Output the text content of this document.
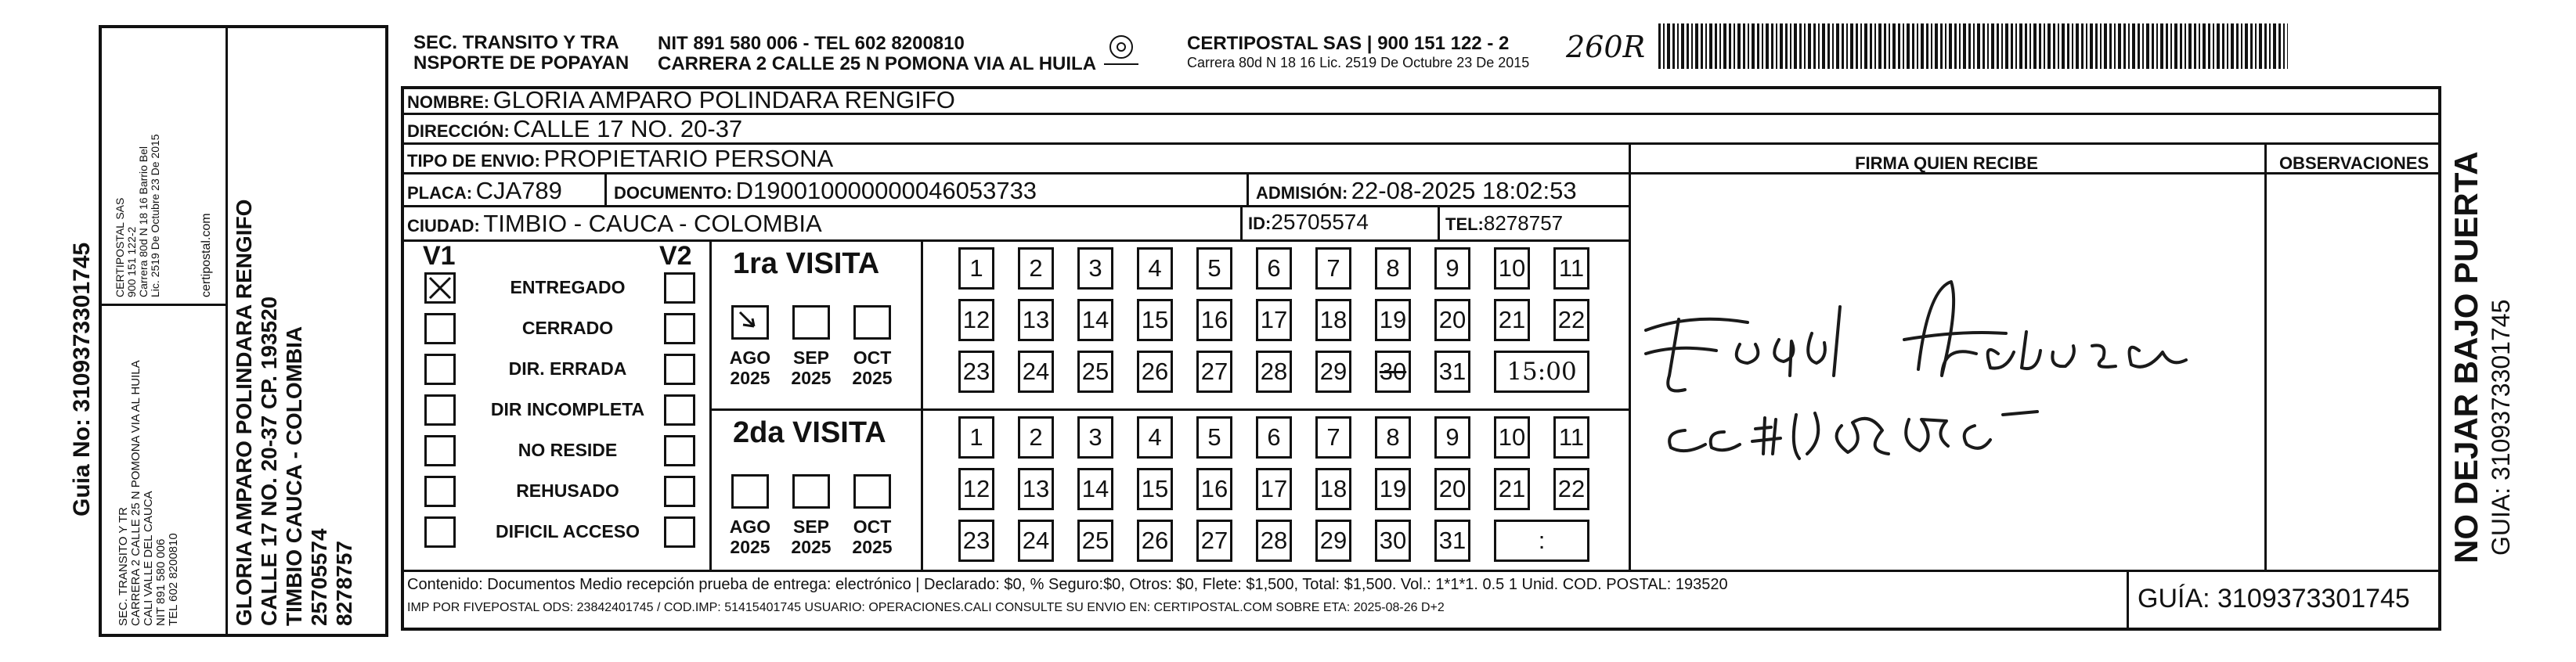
Guia No: 3109373301745
SEC. TRANSITO Y TR CARRERA 2 CALLE 25 N POMONA VIA AL HUILA CALI VALLE DEL CAUCA NIT 891 580 006 TEL 602 8200810
CERTIPOSTAL SAS 900 151 122-2 Carrera 80d N 18 16 Barrio Bel Lic. 2519 De Octubre 23 De 2015	certipostal.com GLORIA AMPARO POLINDARA RENGIFO CALLE 17 NO. 20-37 CP. 193520 TIMBIO CAUCA - COLOMBIA 25705574 8278757
SEC. TRANSITO Y TRA NSPORTE DE POPAYAN
NIT 891 580 006 - TEL 602 8200810
CARRERA 2 CALLE 25 N POMONA VIA AL HUILA
CERTIPOSTAL SAS | 900 151 122 - 2
Carrera 80d N 18 16 Lic. 2519 De Octubre 23 De 2015 260R
NOMBRE: GLORIA AMPARO POLINDARA RENGIFO
DIRECCIÓN: CALLE 17 NO. 20-37
TIPO DE ENVIO: PROPIETARIO PERSONA	FIRMA QUIEN RECIBE	OBSERVACIONES
PLACA: CJA789	DOCUMENTO: D190010000000046053733	ADMISIÓN: 22-08-2025 18:02:53
CIUDAD: TIMBIO - CAUCA - COLOMBIA	ID:25705574	TEL:8278757
V1	V2
ENTREGADO
CERRADO
DIR. ERRADA
DIR INCOMPLETA
NO RESIDE
REHUSADO
DIFICIL ACCESO
1ra VISITA
2da VISITA
AGO
2025
SEP
2025
OCT
2025
1	2	3	4	5	6	7	8	9	10 11
12 13 14 15 16 17 18 19 20 21 22
23 24 25 26 27 28 29 30 31	15:00
AGO
2025
SEP
2025
OCT
2025
1	2	3	4	5	6	7	8	9	10 11
12 13 14 15 16 17 18 19 20 21 22
23 24 25 26 27 28 29 30 31	:
Contenido: Documentos Medio recepción prueba de entrega: electrónico | Declarado: $0, % Seguro:$0, Otros: $0, Flete: $1,500, Total: $1,500. Vol.: 1*1*1. 0.5 1 Unid. COD. POSTAL: 193520
IMP POR FIVEPOSTAL ODS: 23842401745 / COD.IMP: 51415401745 USUARIO: OPERACIONES.CALI CONSULTE SU ENVIO EN: CERTIPOSTAL.COM SOBRE ETA: 2025-08-26 D+2	GUÍA: 3109373301745
NO DEJAR BAJO PUERTA GUIA: 3109373301745
